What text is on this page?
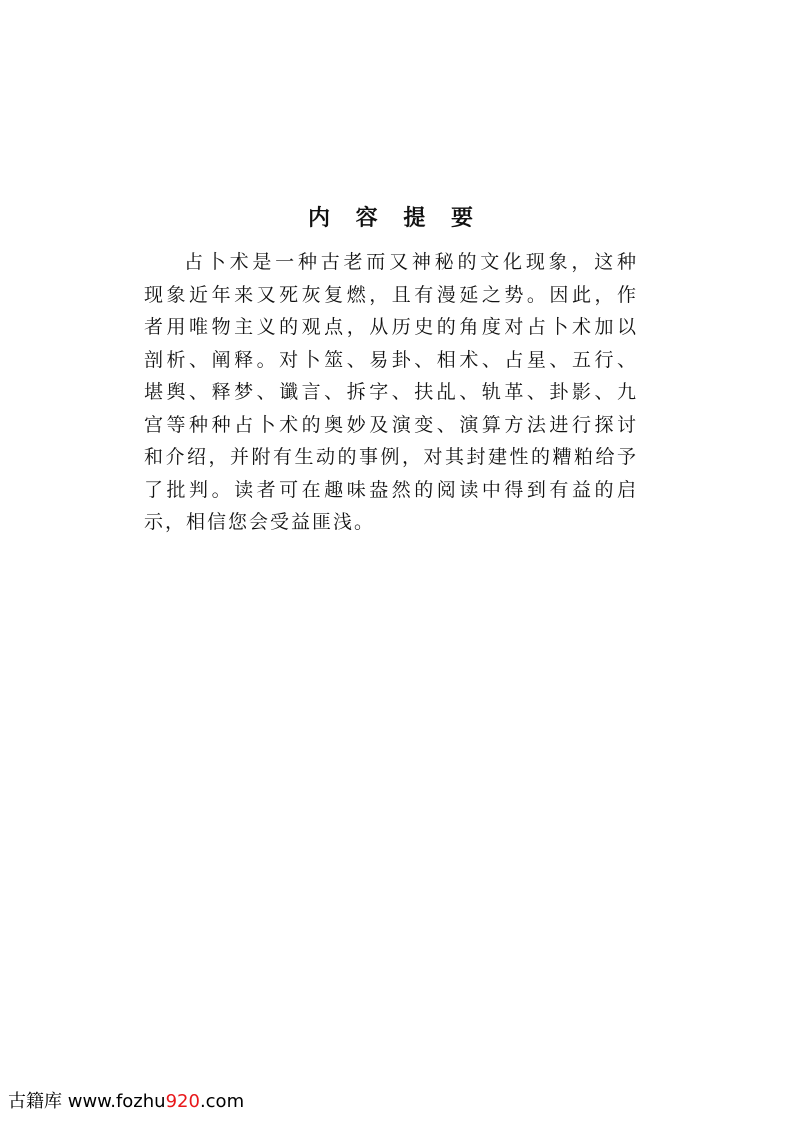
内 容 提 要
占卜术是一种古老而又神秘的文化现象，这种
现象近年来又死灰复燃，且有漫延之势。因此，作
者用唯物主义的观点，从历史的角度对占卜术加以
剖析、阐释。对卜筮、易卦、相术、占星、五行、
堪舆、释梦、谶言、拆字、扶乩、轨革、卦影、九
宫等种种占卜术的奥妙及演变、演算方法进行探讨
和介绍，并附有生动的事例，对其封建性的糟粕给予
了批判。读者可在趣味盎然的阅读中得到有益的启
示，相信您会受益匪浅。
古籍库 www.fozhu920.com
